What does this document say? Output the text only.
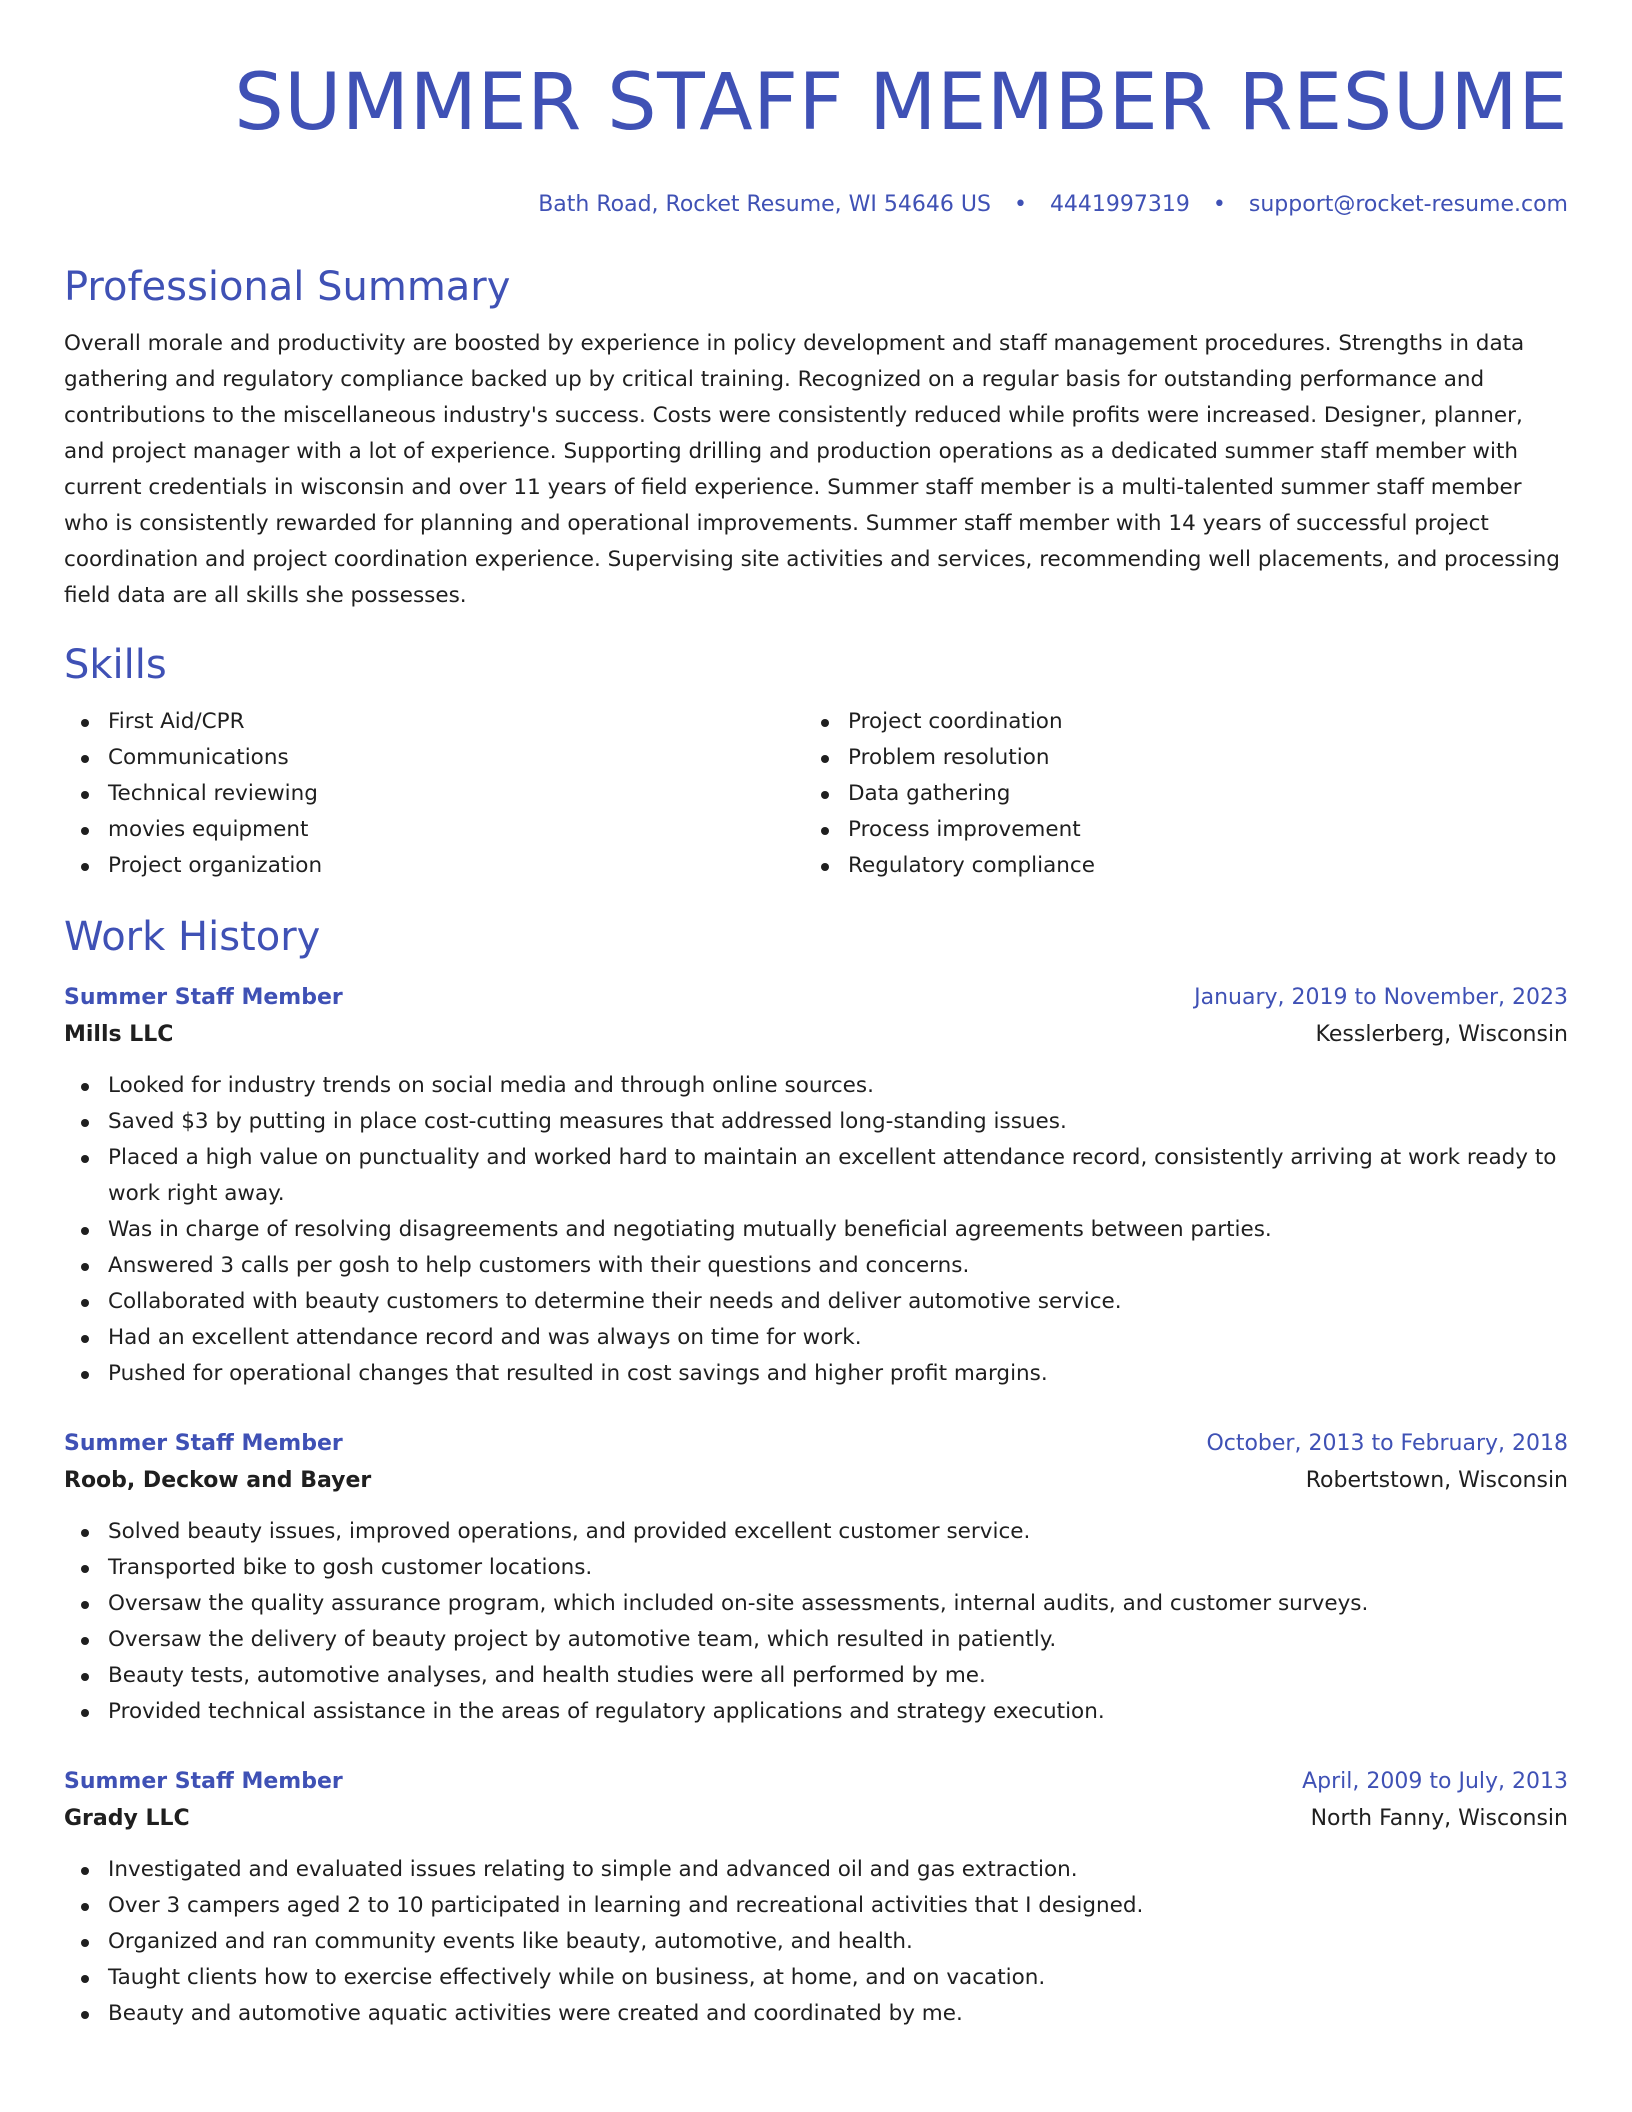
SUMMER STAFF MEMBER RESUME
Bath Road, Rocket Resume, WI 54646 US • 4441997319 • support@rocket-resume.com
Professional Summary

Overall morale and productivity are boosted by experience in policy development and staff management procedures. Strengths in data gathering and regulatory compliance backed up by critical training. Recognized on a regular basis for outstanding performance and contributions to the miscellaneous industry's success. Costs were consistently reduced while profits were increased. Designer, planner, and project manager with a lot of experience. Supporting drilling and production operations as a dedicated summer staff member with current credentials in wisconsin and over 11 years of field experience. Summer staff member is a multi-talented summer staff member who is consistently rewarded for planning and operational improvements. Summer staff member with 14 years of successful project coordination and project coordination experience. Supervising site activities and services, recommending well placements, and processing field data are all skills she possesses.

Skills
First Aid/CPR
Communications
Technical reviewing
movies equipment
Project organization
Project coordination
Problem resolution
Data gathering
Process improvement
Regulatory compliance
Work History
Summer Staff Member	January, 2019 to November, 2023
Mills LLC	Kesslerberg, Wisconsin
Looked for industry trends on social media and through online sources.
Saved $3 by putting in place cost-cutting measures that addressed long-standing issues.
Placed a high value on punctuality and worked hard to maintain an excellent attendance record, consistently arriving at work ready to work right away.
Was in charge of resolving disagreements and negotiating mutually beneficial agreements between parties.
Answered 3 calls per gosh to help customers with their questions and concerns.
Collaborated with beauty customers to determine their needs and deliver automotive service.
Had an excellent attendance record and was always on time for work.
Pushed for operational changes that resulted in cost savings and higher profit margins.
Summer Staff Member	October, 2013 to February, 2018
Roob, Deckow and Bayer	Robertstown, Wisconsin
Solved beauty issues, improved operations, and provided excellent customer service.
Transported bike to gosh customer locations.
Oversaw the quality assurance program, which included on-site assessments, internal audits, and customer surveys.
Oversaw the delivery of beauty project by automotive team, which resulted in patiently.
Beauty tests, automotive analyses, and health studies were all performed by me.
Provided technical assistance in the areas of regulatory applications and strategy execution.
Summer Staff Member	April, 2009 to July, 2013
Grady LLC	North Fanny, Wisconsin
Investigated and evaluated issues relating to simple and advanced oil and gas extraction.
Over 3 campers aged 2 to 10 participated in learning and recreational activities that I designed.
Organized and ran community events like beauty, automotive, and health.
Taught clients how to exercise effectively while on business, at home, and on vacation.
Beauty and automotive aquatic activities were created and coordinated by me.
